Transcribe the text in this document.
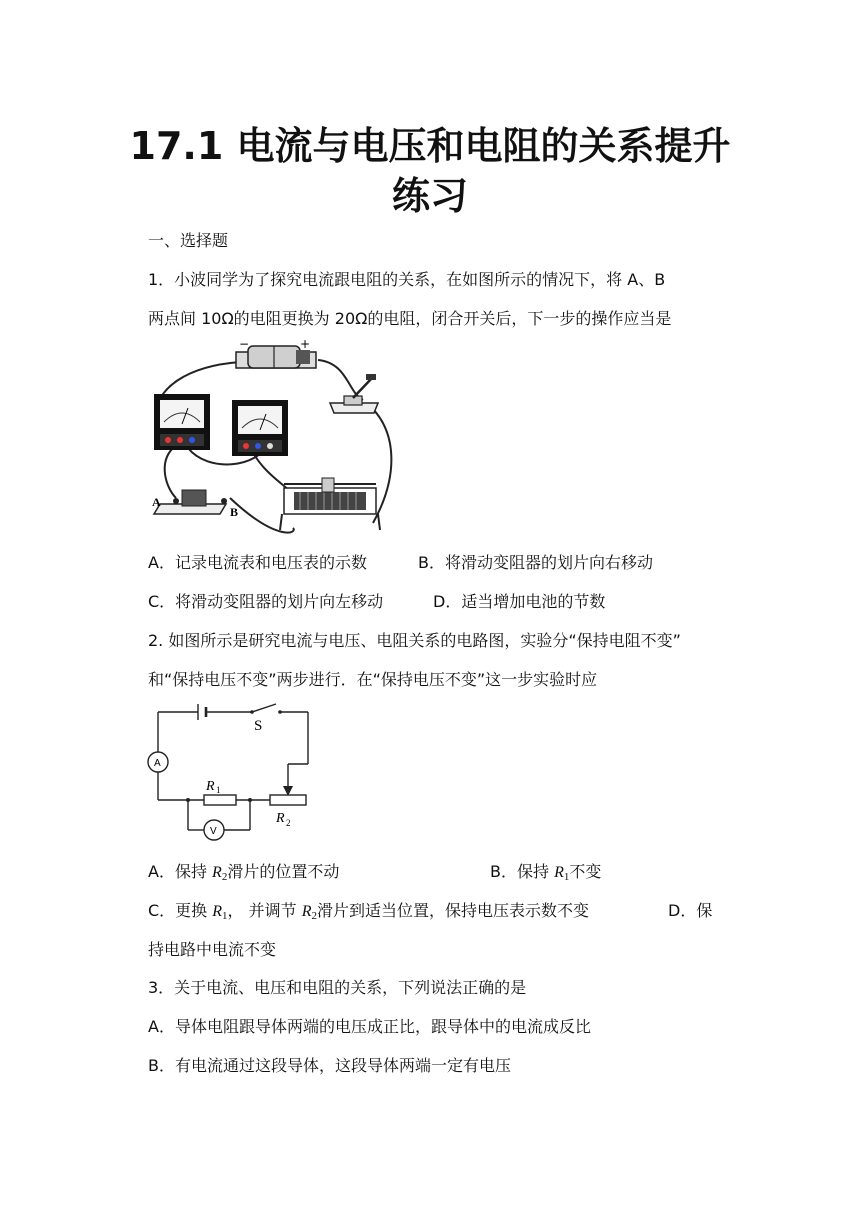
17.1 电流与电压和电阻的关系提升
练习
一、选择题
1．小波同学为了探究电流跟电阻的关系，在如图所示的情况下，将 A、B
两点间 10Ω的电阻更换为 20Ω的电阻，闭合开关后，下一步的操作应当是
−	+
A
B
A．记录电流表和电压表的示数	B．将滑动变阻器的划片向右移动
C．将滑动变阻器的划片向左移动	D．适当增加电池的节数
2. 如图所示是研究电流与电压、电阻关系的电路图，实验分“保持电阻不变”
和“保持电压不变”两步进行．在“保持电压不变”这一步实验时应
S
A
R 1
R 2
V
A．保持 $R_2$滑片的位置不动	B．保持 $R_1$不变
C．更换 $R_1$， 并调节 $R_2$滑片到适当位置，保持电压表示数不变	D．保
持电路中电流不变
3．关于电流、电压和电阻的关系，下列说法正确的是
A．导体电阻跟导体两端的电压成正比，跟导体中的电流成反比
B．有电流通过这段导体，这段导体两端一定有电压
